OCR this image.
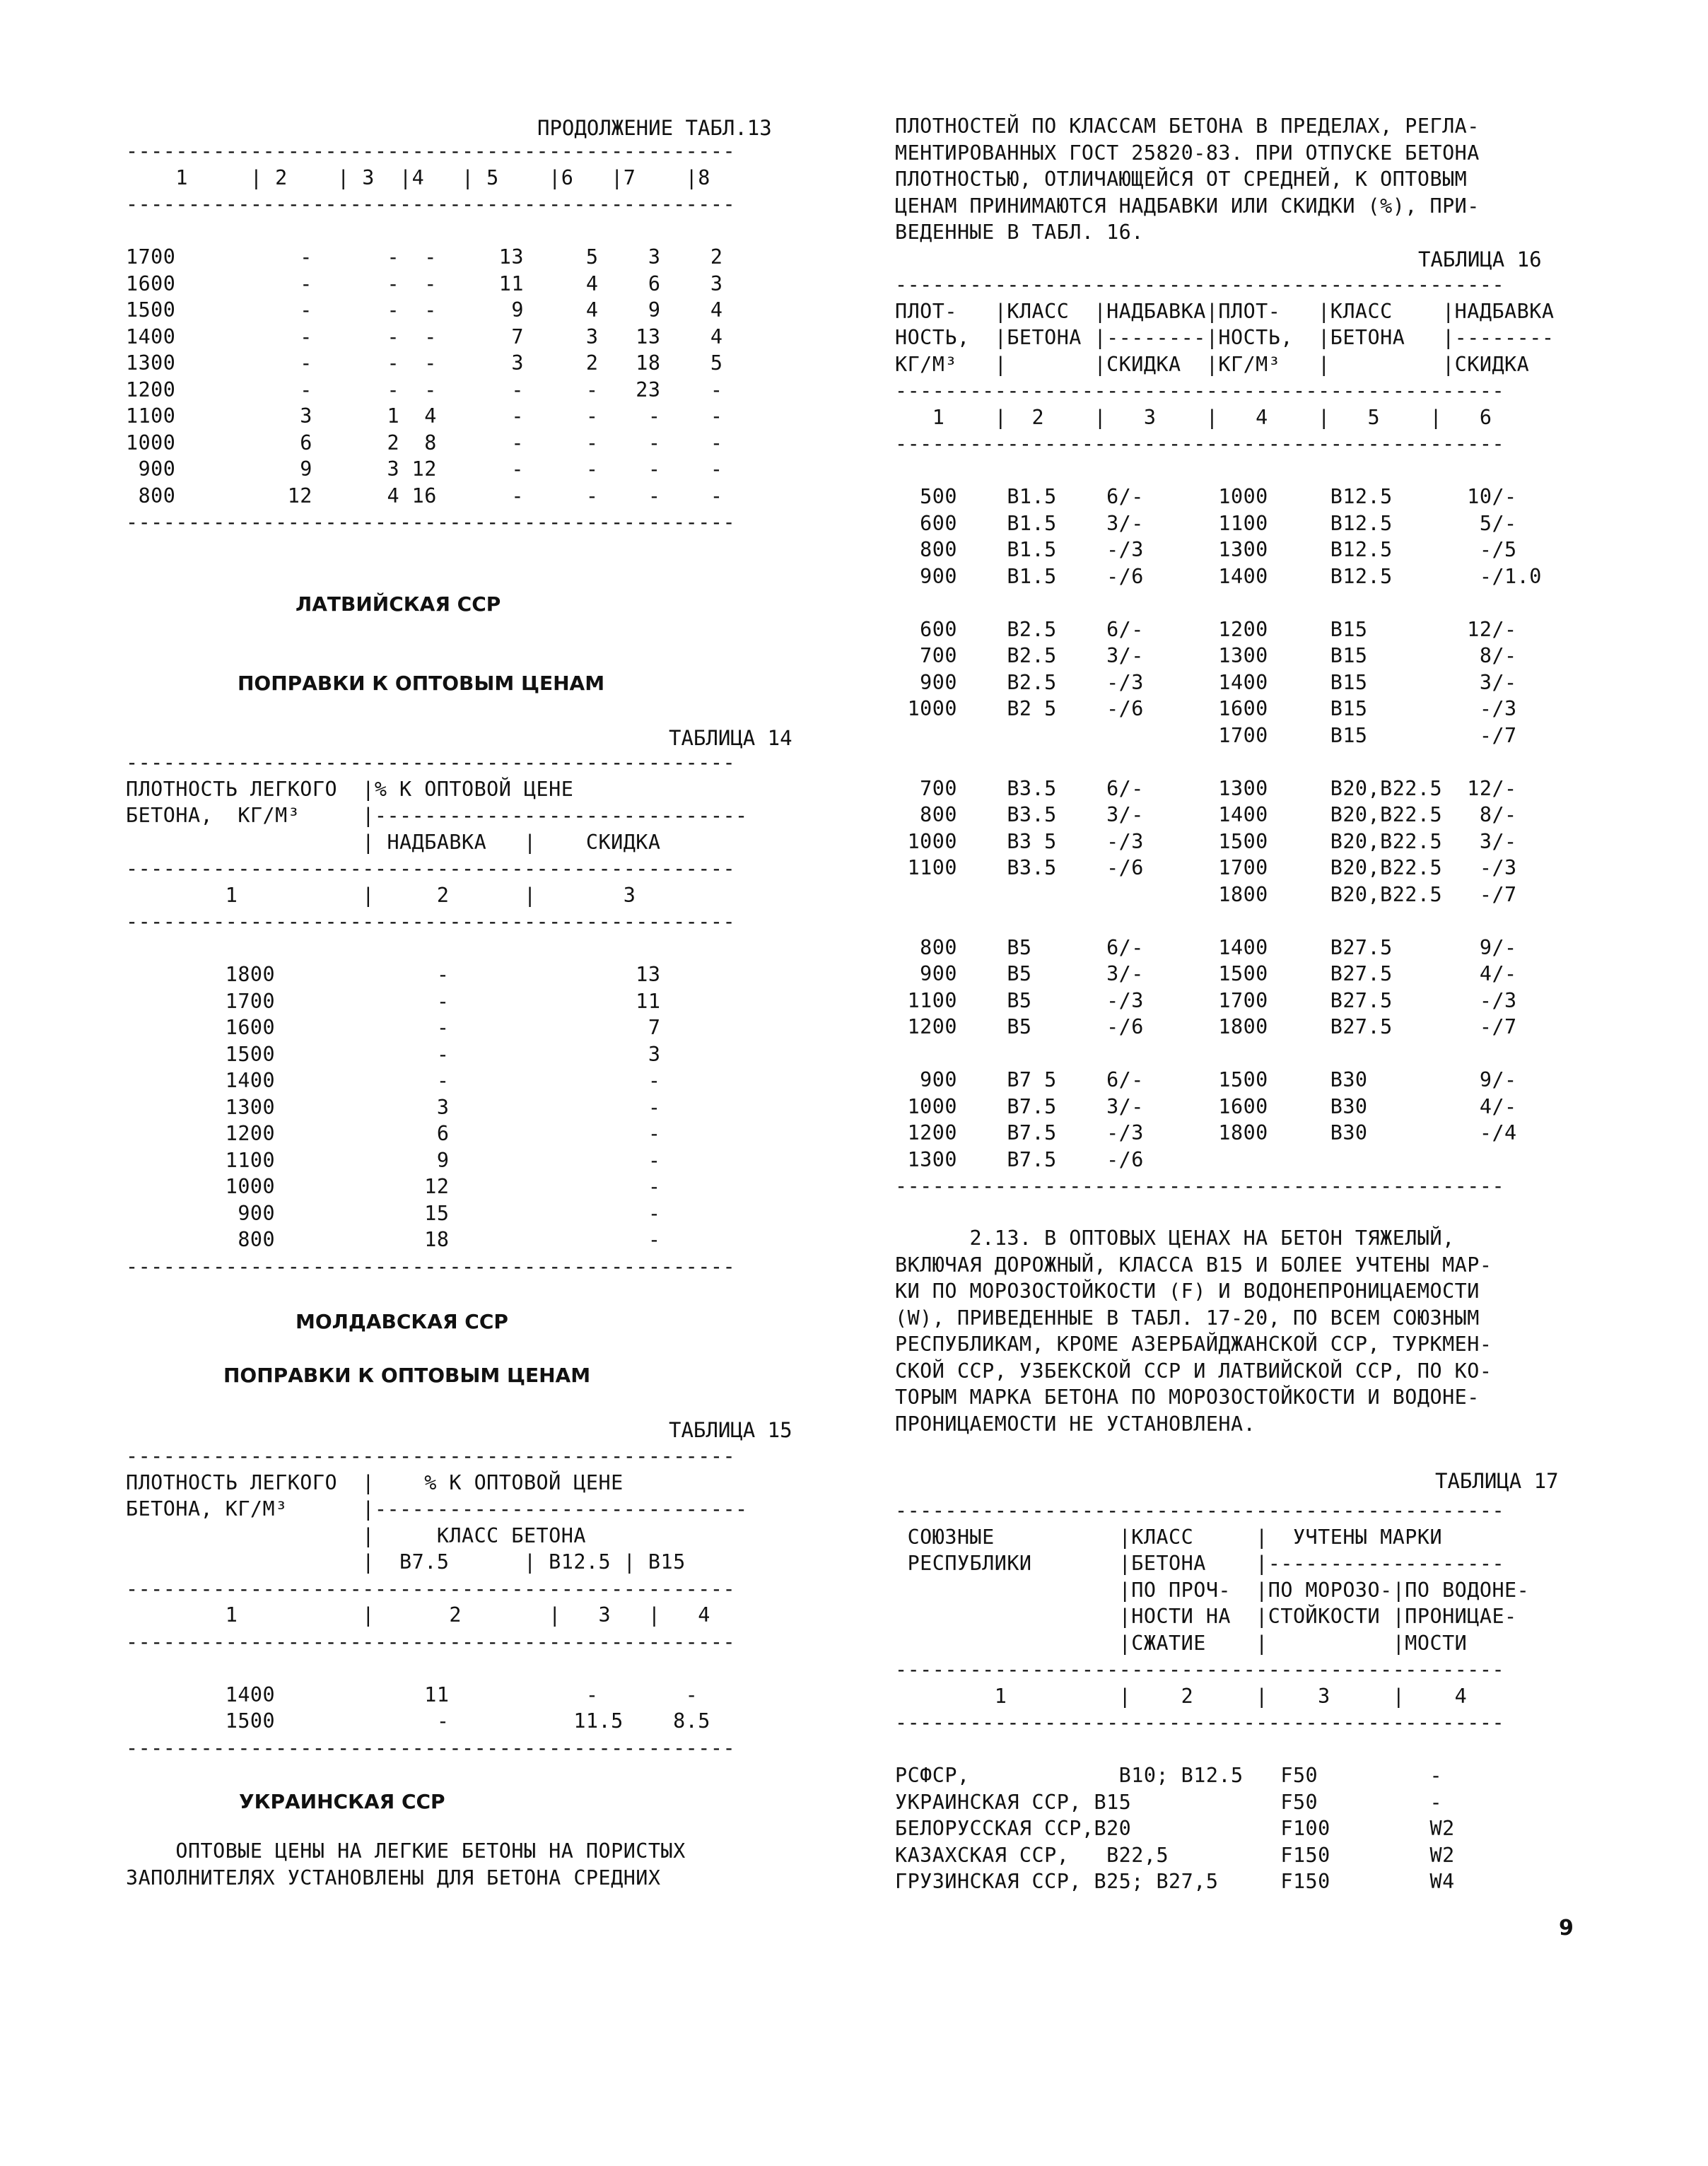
ПРОДОЛЖЕНИЕ ТАБЛ.13
-------------------------------------------------
1     | 2    | 3  |4   | 5    |6   |7    |8
-------------------------------------------------

1700          -      -  -     13     5    3    2
1600          -      -  -     11     4    6    3
1500          -      -  -      9     4    9    4
1400          -      -  -      7     3   13    4
1300          -      -  -      3     2   18    5
1200          -      -  -      -     -   23    -
1100          3      1  4      -     -    -    -
1000          6      2  8      -     -    -    -
900          9      3 12      -     -    -    -
800         12      4 16      -     -    -    -
-------------------------------------------------
ЛАТВИЙСКАЯ ССР
ПОПРАВКИ К ОПТОВЫМ ЦЕНАМ
ТАБЛИЦА 14
-------------------------------------------------
ПЛОТНОСТЬ ЛЕГКОГО  |% К ОПТОВОЙ ЦЕНЕ
БЕТОНА,  КГ/М³     |------------------------------
| НАДБАВКА   |    СКИДКА
-------------------------------------------------
1          |     2      |       3
-------------------------------------------------

1800             -               13
1700             -               11
1600             -                7
1500             -                3
1400             -                -
1300             3                -
1200             6                -
1100             9                -
1000            12                -
900            15                -
800            18                -
-------------------------------------------------
МОЛДАВСКАЯ ССР
ПОПРАВКИ К ОПТОВЫМ ЦЕНАМ
ТАБЛИЦА 15
-------------------------------------------------
ПЛОТНОСТЬ ЛЕГКОГО  |    % К ОПТОВОЙ ЦЕНЕ
БЕТОНА, КГ/М³      |------------------------------
|     КЛАСС БЕТОНА
|  B7.5      | B12.5 | B15
-------------------------------------------------
1          |      2       |   3   |   4
-------------------------------------------------

1400            11           -       -
1500             -          11.5    8.5
-------------------------------------------------
УКРАИНСКАЯ ССР
ОПТОВЫЕ ЦЕНЫ НА ЛЕГКИЕ БЕТОНЫ НА ПОРИСТЫХ
ЗАПОЛНИТЕЛЯХ УСТАНОВЛЕНЫ ДЛЯ БЕТОНА СРЕДНИХ
ПЛОТНОСТЕЙ ПО КЛАССАМ БЕТОНА В ПРЕДЕЛАХ, РЕГЛА-
МЕНТИРОВАННЫХ ГОСТ 25820-83. ПРИ ОТПУСКЕ БЕТОНА
ПЛОТНОСТЬЮ, ОТЛИЧАЮЩЕЙСЯ ОТ СРЕДНЕЙ, К ОПТОВЫМ
ЦЕНАМ ПРИНИМАЮТСЯ НАДБАВКИ ИЛИ СКИДКИ (%), ПРИ-
ВЕДЕННЫЕ В ТАБЛ. 16.
ТАБЛИЦА 16
-------------------------------------------------
ПЛОТ-   |КЛАСС  |НАДБАВКА|ПЛОТ-   |КЛАСС    |НАДБАВКА
НОСТЬ,  |БЕТОНА |--------|НОСТЬ,  |БЕТОНА   |--------
КГ/М³   |       |СКИДКА  |КГ/М³   |         |СКИДКА
-------------------------------------------------
1    |  2    |   3    |   4    |   5    |   6
-------------------------------------------------

500    B1.5    6/-      1000     B12.5      10/-
600    B1.5    3/-      1100     B12.5       5/-
800    B1.5    -/3      1300     B12.5       -/5
900    B1.5    -/6      1400     B12.5       -/1.0

600    B2.5    6/-      1200     B15        12/-
700    B2.5    3/-      1300     B15         8/-
900    B2.5    -/3      1400     B15         3/-
1000    B2 5    -/6      1600     B15         -/3
1700     B15         -/7

700    B3.5    6/-      1300     B20,B22.5  12/-
800    B3.5    3/-      1400     B20,B22.5   8/-
1000    B3 5    -/3      1500     B20,B22.5   3/-
1100    B3.5    -/6      1700     B20,B22.5   -/3
1800     B20,B22.5   -/7

800    B5      6/-      1400     B27.5       9/-
900    B5      3/-      1500     B27.5       4/-
1100    B5      -/3      1700     B27.5       -/3
1200    B5      -/6      1800     B27.5       -/7

900    B7 5    6/-      1500     B30         9/-
1000    B7.5    3/-      1600     B30         4/-
1200    B7.5    -/3      1800     B30         -/4
1300    B7.5    -/6
-------------------------------------------------
2.13. В ОПТОВЫХ ЦЕНАХ НА БЕТОН ТЯЖЕЛЫЙ,
ВКЛЮЧАЯ ДОРОЖНЫЙ, КЛАССА B15 И БОЛЕЕ УЧТЕНЫ МАР-
КИ ПО МОРОЗОСТОЙКОСТИ (F) И ВОДОНЕПРОНИЦАЕМОСТИ
(W), ПРИВЕДЕННЫЕ В ТАБЛ. 17-20, ПО ВСЕМ СОЮЗНЫМ
РЕСПУБЛИКАМ, КРОМЕ АЗЕРБАЙДЖАНСКОЙ ССР, ТУРКМЕН-
СКОЙ ССР, УЗБЕКСКОЙ ССР И ЛАТВИЙСКОЙ ССР, ПО КО-
ТОРЫМ МАРКА БЕТОНА ПО МОРОЗОСТОЙКОСТИ И ВОДОНЕ-
ПРОНИЦАЕМОСТИ НЕ УСТАНОВЛЕНА.
ТАБЛИЦА 17
-------------------------------------------------
СОЮЗНЫЕ          |КЛАСС     |  УЧТЕНЫ МАРКИ
РЕСПУБЛИКИ       |БЕТОНА    |-------------------
|ПО ПРОЧ-  |ПО МОРОЗО-|ПО ВОДОНЕ-
|НОСТИ НА  |СТОЙКОСТИ |ПРОНИЦАЕ-
|СЖАТИЕ    |          |МОСТИ
-------------------------------------------------
1         |    2     |    3     |    4
-------------------------------------------------

РСФСР,            B10; B12.5   F50         -
УКРАИНСКАЯ ССР, B15            F50         -
БЕЛОРУССКАЯ ССР,B20            F100        W2
КАЗАХСКАЯ ССР,   B22,5         F150        W2
ГРУЗИНСКАЯ ССР, B25; B27,5     F150        W4
9
